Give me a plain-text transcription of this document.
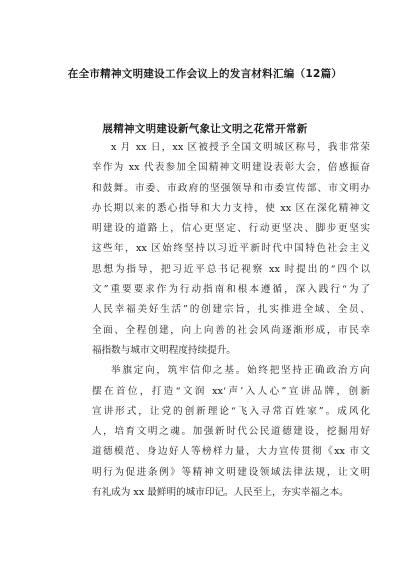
在全市精神文明建设工作会议上的发言材料汇编（12篇）
展精神文明建设新气象让文明之花常开常新
x 月 xx 日，xx 区被授予全国文明城区称号，我非常荣
幸作为 xx 代表参加全国精神文明建设表彰大会，倍感振奋
和鼓舞。市委、市政府的坚强领导和市委宣传部、市文明办
办长期以来的悉心指导和大力支持，使 xx 区在深化精神文
明建设的道路上，信心更坚定、行动更坚决、脚步更坚实
这些年，xx 区始终坚持以习近平新时代中国特色社会主义
思想为指导，把习近平总书记视察 xx 时提出的“四个以
文”重要要求作为行动指南和根本遵循，深入践行“为了
人民幸福美好生活”的创建宗旨，扎实推进全域、全员、
全面、全程创建，向上向善的社会风尚逐渐形成，市民幸
福指数与城市文明程度持续提升。
举旗定向，筑牢信仰之基。始终把坚持正确政治方向
摆在首位，打造“文润 xx‘声’入人心”宣讲品牌，创新
宣讲形式，让党的创新理论“飞入寻常百姓家”。成风化
人，培育文明之魂。加强新时代公民道德建设，挖掘用好
道德模范、身边好人等榜样力量，大力宣传贯彻《xx 市文
明行为促进条例》等精神文明建设领域法律法规，让文明
有礼成为 xx 最鲜明的城市印记。人民至上，夯实幸福之本。
